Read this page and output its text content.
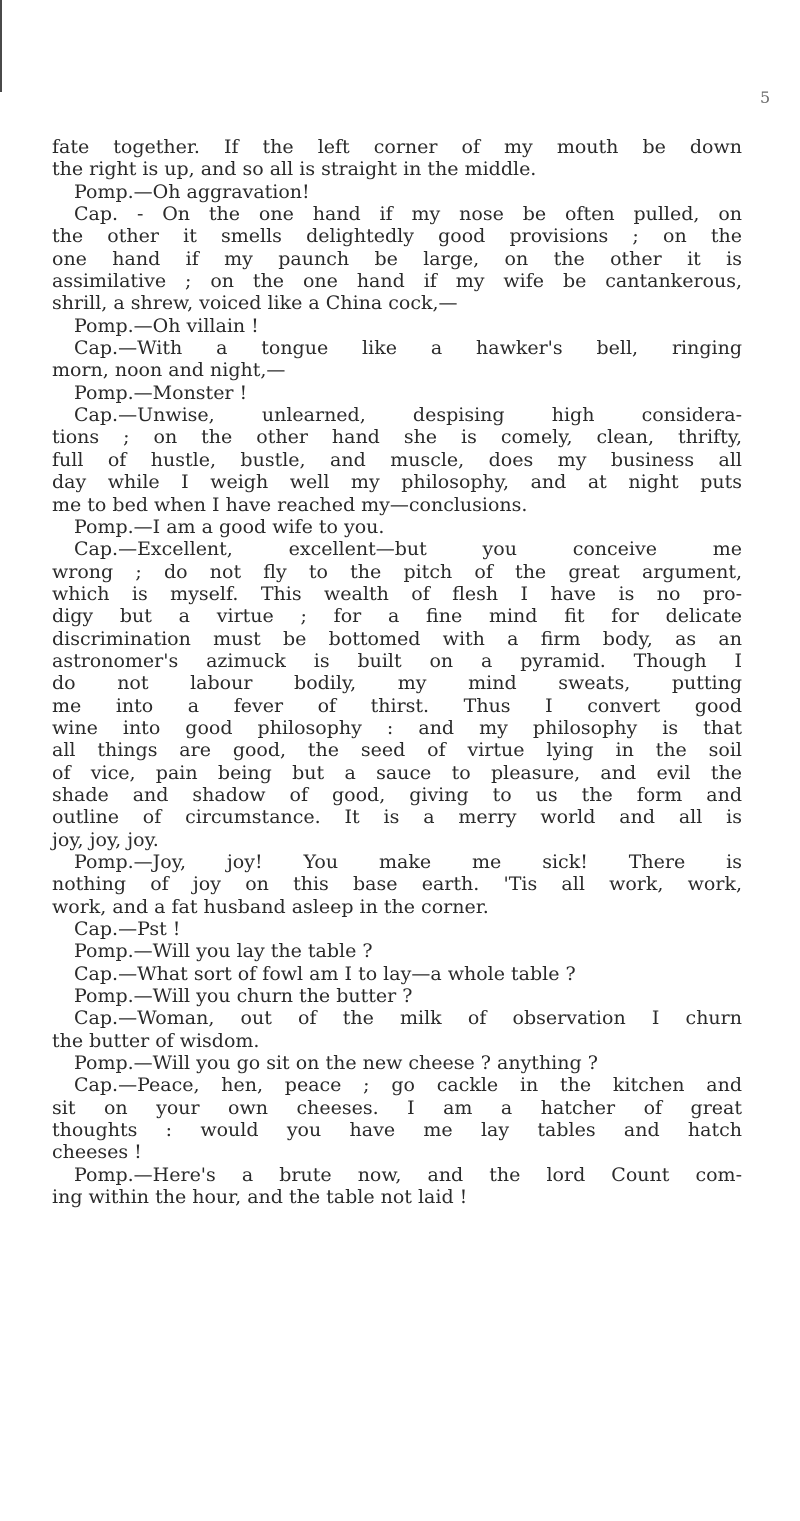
5
fate together. If the left corner of my mouth be down
the right is up, and so all is straight in the middle.
Pomp.—Oh aggravation!
Cap. - On the one hand if my nose be often pulled, on
the other it smells delightedly good provisions ; on the
one hand if my paunch be large, on the other it is
assimilative ; on the one hand if my wife be cantankerous,
shrill, a shrew, voiced like a China cock,—
Pomp.—Oh villain !
Cap.—With a tongue like a hawker's bell, ringing
morn, noon and night,—
Pomp.—Monster !
Cap.—Unwise, unlearned, despising high considera-
tions ; on the other hand she is comely, clean, thrifty,
full of hustle, bustle, and muscle, does my business all
day while I weigh well my philosophy, and at night puts
me to bed when I have reached my—conclusions.
Pomp.—I am a good wife to you.
Cap.—Excellent, excellent—but you conceive me
wrong ; do not fly to the pitch of the great argument,
which is myself. This wealth of flesh I have is no pro-
digy but a virtue ; for a fine mind fit for delicate
discrimination must be bottomed with a firm body, as an
astronomer's azimuck is built on a pyramid. Though I
do not labour bodily, my mind sweats, putting
me into a fever of thirst. Thus I convert good
wine into good philosophy : and my philosophy is that
all things are good, the seed of virtue lying in the soil
of vice, pain being but a sauce to pleasure, and evil the
shade and shadow of good, giving to us the form and
outline of circumstance. It is a merry world and all is
joy, joy, joy.
Pomp.—Joy, joy! You make me sick! There is
nothing of joy on this base earth. 'Tis all work, work,
work, and a fat husband asleep in the corner.
Cap.—Pst !
Pomp.—Will you lay the table ?
Cap.—What sort of fowl am I to lay—a whole table ?
Pomp.—Will you churn the butter ?
Cap.—Woman, out of the milk of observation I churn
the butter of wisdom.
Pomp.—Will you go sit on the new cheese ? anything ?
Cap.—Peace, hen, peace ; go cackle in the kitchen and
sit on your own cheeses. I am a hatcher of great
thoughts : would you have me lay tables and hatch
cheeses !
Pomp.—Here's a brute now, and the lord Count com-
ing within the hour, and the table not laid !
